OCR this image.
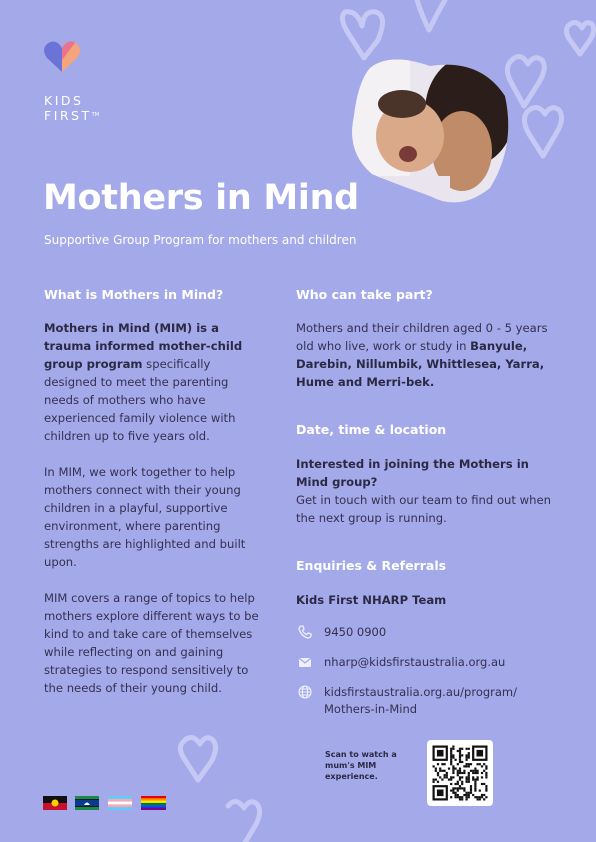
KIDS
FIRST™
Mothers in Mind
Supportive Group Program for mothers and children
What is Mothers in Mind?

Mothers in Mind (MIM) is a trauma informed mother-child group program specifically designed to meet the parenting needs of mothers who have experienced family violence with children up to five years old.

In MIM, we work together to help mothers connect with their young children in a playful, supportive environment, where parenting strengths are highlighted and built upon.

MIM covers a range of topics to help mothers explore different ways to be kind to and take care of themselves while reflecting on and gaining strategies to respond sensitively to the needs of their young child.

Who can take part?
Mothers and their children aged 0 - 5 years old who live, work or study in Banyule, Darebin, Nillumbik, Whittlesea, Yarra, Hume and Merri-bek.
Date, time & location
Interested in joining the Mothers in Mind group?
Get in touch with our team to find out when the next group is running.
Enquiries & Referrals
Kids First NHARP Team
9450 0900
nharp@kidsfirstaustralia.org.au
kidsfirstaustralia.org.au/program/
Mothers-in-Mind
Scan to watch a mum's MIM experience.
